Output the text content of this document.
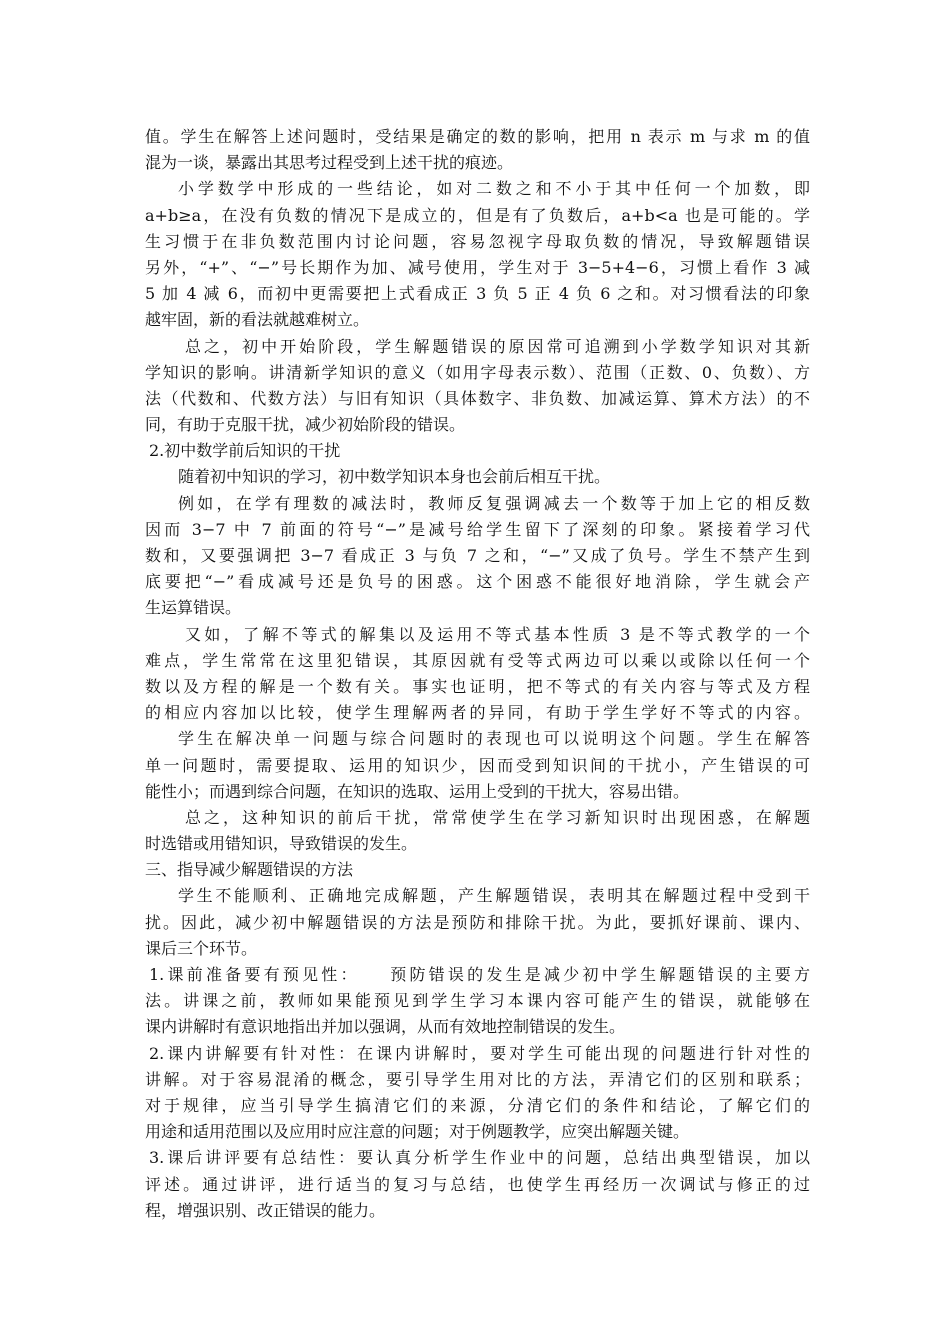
值。学生在解答上述问题时，受结果是确定的数的影响，把用 n 表示 m 与求 m 的值
混为一谈，暴露出其思考过程受到上述干扰的痕迹。
小学数学中形成的一些结论，如对二数之和不小于其中任何一个加数，即
a+b≥a，在没有负数的情况下是成立的，但是有了负数后，a+b<a 也是可能的。学
生习惯于在非负数范围内讨论问题，容易忽视字母取负数的情况，导致解题错误
另外，“+”、“−”号长期作为加、减号使用，学生对于 3−5+4−6，习惯上看作 3 减
5 加 4 减 6，而初中更需要把上式看成正 3 负 5 正 4 负 6 之和。对习惯看法的印象
越牢固，新的看法就越难树立。
总之，初中开始阶段，学生解题错误的原因常可追溯到小学数学知识对其新
学知识的影响。讲清新学知识的意义（如用字母表示数）、范围（正数、0、负数）、方
法（代数和、代数方法）与旧有知识（具体数字、非负数、加减运算、算术方法）的不
同，有助于克服干扰，减少初始阶段的错误。
2.初中数学前后知识的干扰
随着初中知识的学习，初中数学知识本身也会前后相互干扰。
例如，在学有理数的减法时，教师反复强调减去一个数等于加上它的相反数
因而 3−7 中 7 前面的符号“−”是减号给学生留下了深刻的印象。紧接着学习代
数和，又要强调把 3−7 看成正 3 与负 7 之和，“−”又成了负号。学生不禁产生到
底要把“−”看成减号还是负号的困惑。这个困惑不能很好地消除，学生就会产
生运算错误。
又如，了解不等式的解集以及运用不等式基本性质 3 是不等式教学的一个
难点，学生常常在这里犯错误，其原因就有受等式两边可以乘以或除以任何一个
数以及方程的解是一个数有关。事实也证明，把不等式的有关内容与等式及方程
的相应内容加以比较，使学生理解两者的异同，有助于学生学好不等式的内容。
学生在解决单一问题与综合问题时的表现也可以说明这个问题。学生在解答
单一问题时，需要提取、运用的知识少，因而受到知识间的干扰小，产生错误的可
能性小；而遇到综合问题，在知识的选取、运用上受到的干扰大，容易出错。
总之，这种知识的前后干扰，常常使学生在学习新知识时出现困惑，在解题
时选错或用错知识，导致错误的发生。
三、指导减少解题错误的方法
学生不能顺利、正确地完成解题，产生解题错误，表明其在解题过程中受到干
扰。因此，减少初中解题错误的方法是预防和排除干扰。为此，要抓好课前、课内、
课后三个环节。
1.课前准备要有预见性：　　预防错误的发生是减少初中学生解题错误的主要方
法。讲课之前，教师如果能预见到学生学习本课内容可能产生的错误，就能够在
课内讲解时有意识地指出并加以强调，从而有效地控制错误的发生。
2.课内讲解要有针对性：在课内讲解时，要对学生可能出现的问题进行针对性的
讲解。对于容易混淆的概念，要引导学生用对比的方法，弄清它们的区别和联系；
对于规律，应当引导学生搞清它们的来源，分清它们的条件和结论，了解它们的
用途和适用范围以及应用时应注意的问题；对于例题教学，应突出解题关键。
3.课后讲评要有总结性：要认真分析学生作业中的问题，总结出典型错误，加以
评述。通过讲评，进行适当的复习与总结，也使学生再经历一次调试与修正的过
程，增强识别、改正错误的能力。
